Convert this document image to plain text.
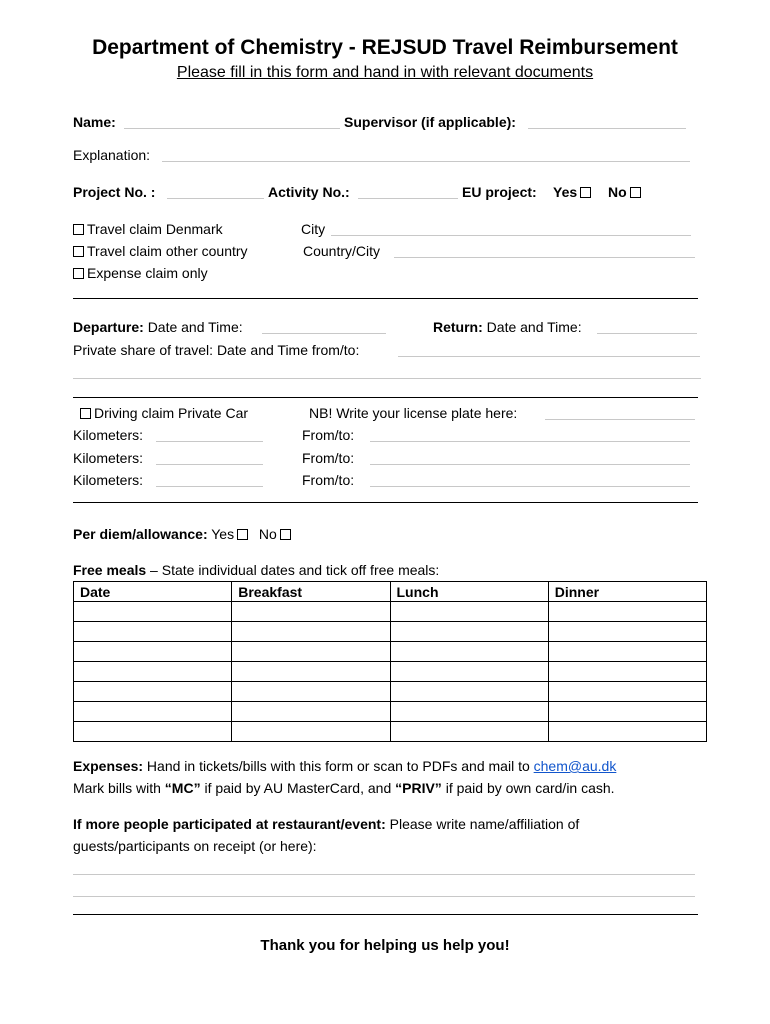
Department of Chemistry - REJSUD Travel Reimbursement
Please fill in this form and hand in with relevant documents
Name:	Supervisor (if applicable):
Explanation:
Project No. :	Activity No.:	EU project: Yes	No
Travel claim Denmark	City
Travel claim other country	Country/City
Expense claim only
Departure: Date and Time:	Return: Date and Time:
Private share of travel: Date and Time from/to:
Driving claim Private Car	NB! Write your license plate here:
Kilometers:	From/to:
Kilometers:	From/to:
Kilometers:	From/to:
Per diem/allowance: Yes No
Free meals – State individual dates and tick off free meals:
Date	Breakfast	Lunch	Dinner

Expenses: Hand in tickets/bills with this form or scan to PDFs and mail to chem@au.dk
Mark bills with “MC” if paid by AU MasterCard, and “PRIV” if paid by own card/in cash.
If more people participated at restaurant/event: Please write name/affiliation of
guests/participants on receipt (or here):
Thank you for helping us help you!
